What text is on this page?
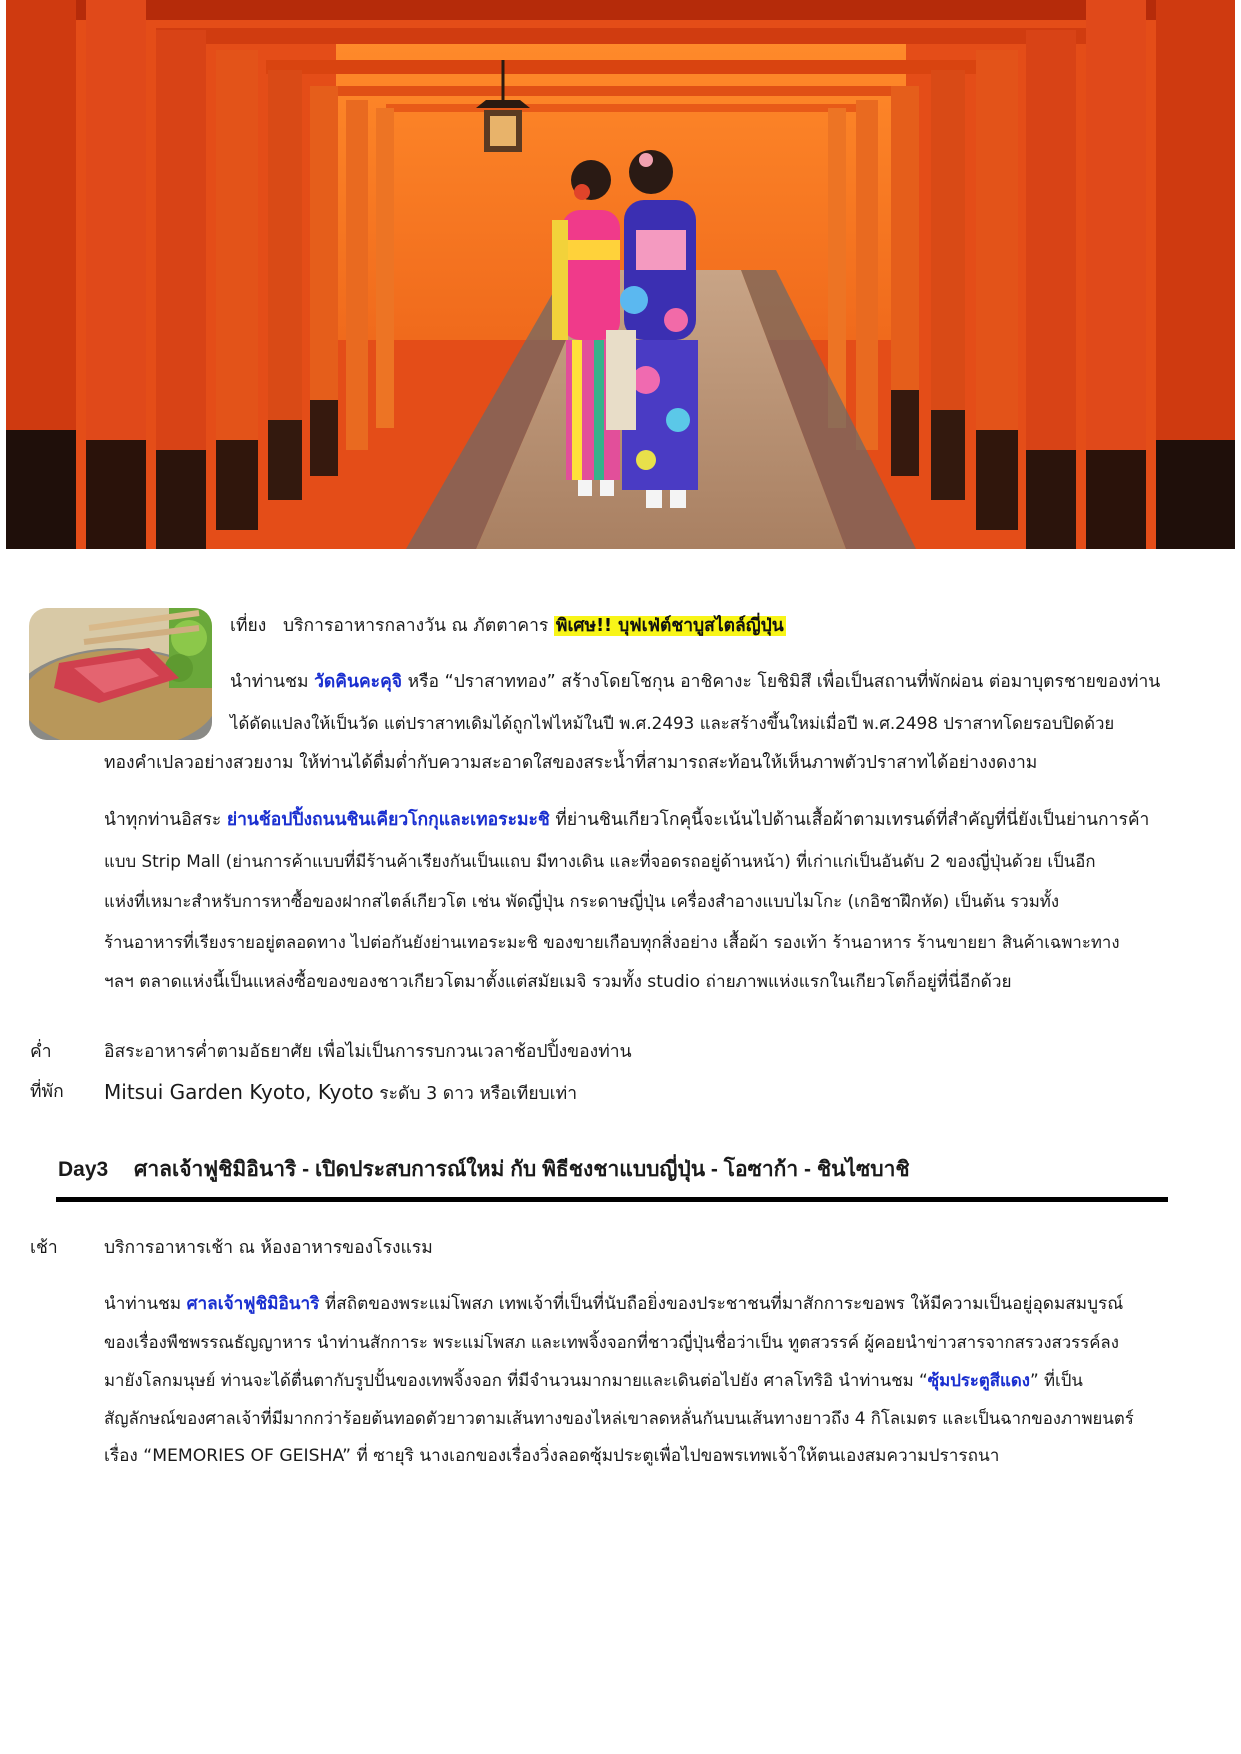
เที่ยง บริการอาหารกลางวัน ณ ภัตตาคาร พิเศษ!! บุฟเฟ่ต์ชาบูสไตล์ญี่ปุ่น
นำท่านชม วัดคินคะคุจิ หรือ “ปราสาททอง” สร้างโดยโชกุน อาชิคางะ โยชิมิสึ เพื่อเป็นสถานที่พักผ่อน ต่อมาบุตรชายของท่าน
ได้ดัดแปลงให้เป็นวัด แต่ปราสาทเดิมได้ถูกไฟไหม้ในปี พ.ศ.2493 และสร้างขึ้นใหม่เมื่อปี พ.ศ.2498 ปราสาทโดยรอบปิดด้วย
ทองคำเปลวอย่างสวยงาม ให้ท่านได้ดื่มด่ำกับความสะอาดใสของสระน้ำที่สามารถสะท้อนให้เห็นภาพตัวปราสาทได้อย่างงดงาม
นำทุกท่านอิสระ ย่านช้อปปิ้งถนนชินเคียวโกกุและเทอระมะชิ ที่ย่านชินเกียวโกคุนี้จะเน้นไปด้านเสื้อผ้าตามเทรนด์ที่สำคัญที่นี่ยังเป็นย่านการค้า
แบบ Strip Mall (ย่านการค้าแบบที่มีร้านค้าเรียงกันเป็นแถบ มีทางเดิน และที่จอดรถอยู่ด้านหน้า) ที่เก่าแก่เป็นอันดับ 2 ของญี่ปุ่นด้วย เป็นอีก
แห่งที่เหมาะสำหรับการหาซื้อของฝากสไตล์เกียวโต เช่น พัดญี่ปุ่น กระดาษญี่ปุ่น เครื่องสำอางแบบไมโกะ (เกอิชาฝึกหัด) เป็นต้น รวมทั้ง
ร้านอาหารที่เรียงรายอยู่ตลอดทาง ไปต่อกันยังย่านเทอระมะชิ ของขายเกือบทุกสิ่งอย่าง เสื้อผ้า รองเท้า ร้านอาหาร ร้านขายยา สินค้าเฉพาะทาง
ฯลฯ ตลาดแห่งนี้เป็นแหล่งซื้อของของชาวเกียวโตมาตั้งแต่สมัยเมจิ รวมทั้ง studio ถ่ายภาพแห่งแรกในเกียวโตก็อยู่ที่นี่อีกด้วย
ค่ำ	อิสระอาหารค่ำตามอัธยาศัย เพื่อไม่เป็นการรบกวนเวลาช้อปปิ้งของท่าน
ที่พัก Mitsui Garden Kyoto, Kyoto ระดับ 3 ดาว หรือเทียบเท่า
Day3 ศาลเจ้าฟูชิมิอินาริ - เปิดประสบการณ์ใหม่ กับ พิธีชงชาแบบญี่ปุ่น - โอซาก้า - ชินไซบาชิ
เช้า	บริการอาหารเช้า ณ ห้องอาหารของโรงแรม
นำท่านชม ศาลเจ้าฟูชิมิอินาริ ที่สถิตของพระแม่โพสภ เทพเจ้าที่เป็นที่นับถือยิ่งของประชาชนที่มาสักการะขอพร ให้มีความเป็นอยู่อุดมสมบูรณ์
ของเรื่องพืชพรรณธัญญาหาร นำท่านสักการะ พระแม่โพสภ และเทพจิ้งจอกที่ชาวญี่ปุ่นชื่อว่าเป็น ทูตสวรรค์ ผู้คอยนำข่าวสารจากสรวงสวรรค์ลง
มายังโลกมนุษย์ ท่านจะได้ตื่นตากับรูปปั้นของเทพจิ้งจอก ที่มีจำนวนมากมายและเดินต่อไปยัง ศาลโทริอิ นำท่านชม “ซุ้มประตูสีแดง” ที่เป็น
สัญลักษณ์ของศาลเจ้าที่มีมากกว่าร้อยต้นทอดตัวยาวตามเส้นทางของไหล่เขาลดหลั่นกันบนเส้นทางยาวถึง 4 กิโลเมตร และเป็นฉากของภาพยนตร์
เรื่อง “MEMORIES OF GEISHA” ที่ ซายุริ นางเอกของเรื่องวิ่งลอดซุ้มประตูเพื่อไปขอพรเทพเจ้าให้ตนเองสมความปรารถนา
